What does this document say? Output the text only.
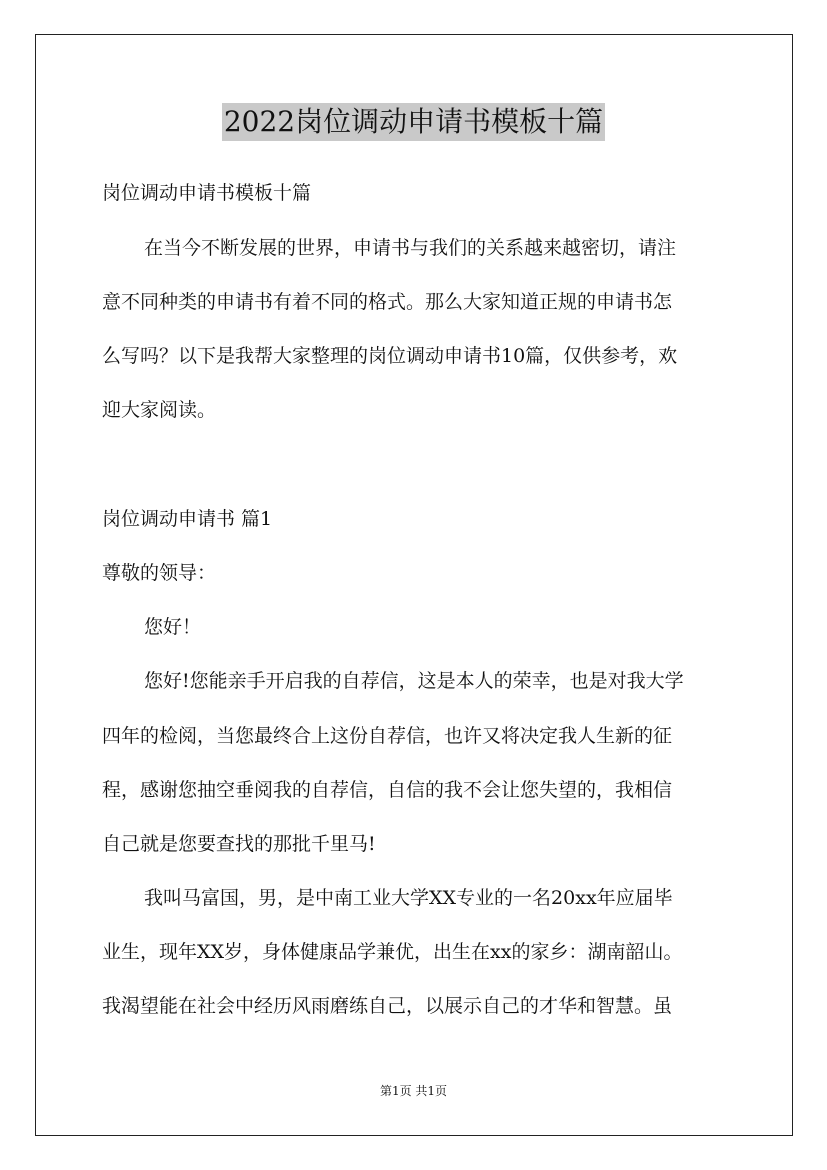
2022岗位调动申请书模板十篇
岗位调动申请书模板十篇
在当今不断发展的世界，申请书与我们的关系越来越密切，请注
意不同种类的申请书有着不同的格式。那么大家知道正规的申请书怎
么写吗？以下是我帮大家整理的岗位调动申请书10篇，仅供参考，欢
迎大家阅读。
岗位调动申请书 篇1
尊敬的领导：
您好！
您好!您能亲手开启我的自荐信，这是本人的荣幸，也是对我大学
四年的检阅，当您最终合上这份自荐信，也许又将决定我人生新的征
程，感谢您抽空垂阅我的自荐信，自信的我不会让您失望的，我相信
自己就是您要查找的那批千里马!
我叫马富国，男，是中南工业大学XX专业的一名20xx年应届毕
业生，现年XX岁，身体健康品学兼优，出生在xx的家乡：湖南韶山。
我渴望能在社会中经历风雨磨练自己，以展示自己的才华和智慧。虽
第1页 共1页
